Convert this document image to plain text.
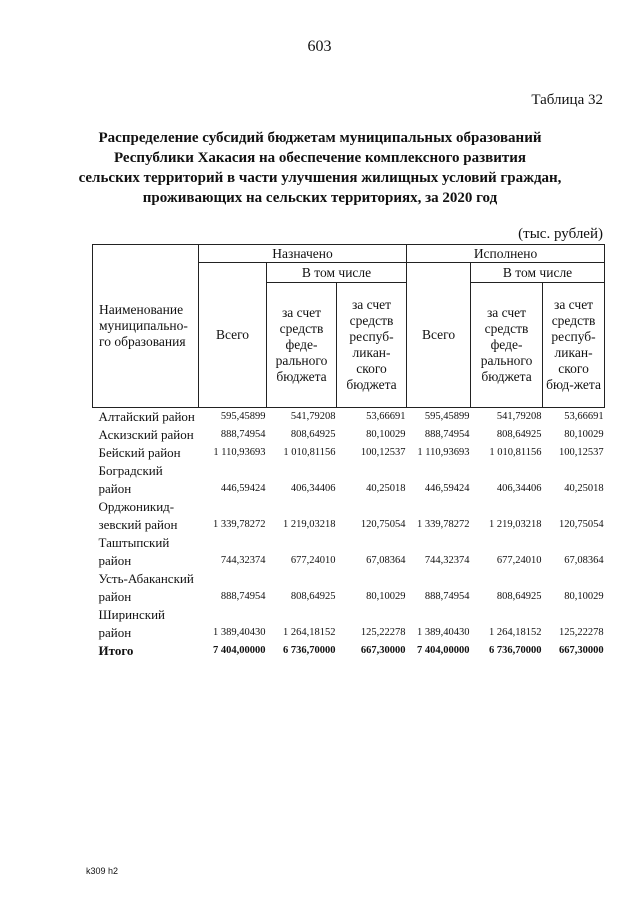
603
Таблица 32
Распределение субсидий бюджетам муниципальных образований
Республики Хакасия на обеспечение комплексного развития
сельских территорий в части улучшения жилищных условий граждан,
проживающих на сельских территориях, за 2020 год
(тыс. рублей)
Наименование муниципально-го образования	Назначено			Исполнено		
	Всего	В том числе		Всего	В том числе	
		за счет средств феде-рального бюджета	за счет средств респуб-ликан-ского бюджета		за счет средств феде-рального бюджета	за счет средств респуб-ликан-ского бюд-жета
Алтайский район	595,45899	541,79208	53,66691	595,45899	541,79208	53,66691
Аскизский район	888,74954	808,64925	80,10029	888,74954	808,64925	80,10029
Бейский район	1 110,93693	1 010,81156	100,12537	1 110,93693	1 010,81156	100,12537
Боградский район	446,59424	406,34406	40,25018	446,59424	406,34406	40,25018
Орджоникид-зевский район	1 339,78272	1 219,03218	120,75054	1 339,78272	1 219,03218	120,75054
Таштыпский район	744,32374	677,24010	67,08364	744,32374	677,24010	67,08364
Усть-Абаканский район	888,74954	808,64925	80,10029	888,74954	808,64925	80,10029
Ширинский район	1 389,40430	1 264,18152	125,22278	1 389,40430	1 264,18152	125,22278
Итого	7 404,00000	6 736,70000	667,30000	7 404,00000	6 736,70000	667,30000
k309 h2
